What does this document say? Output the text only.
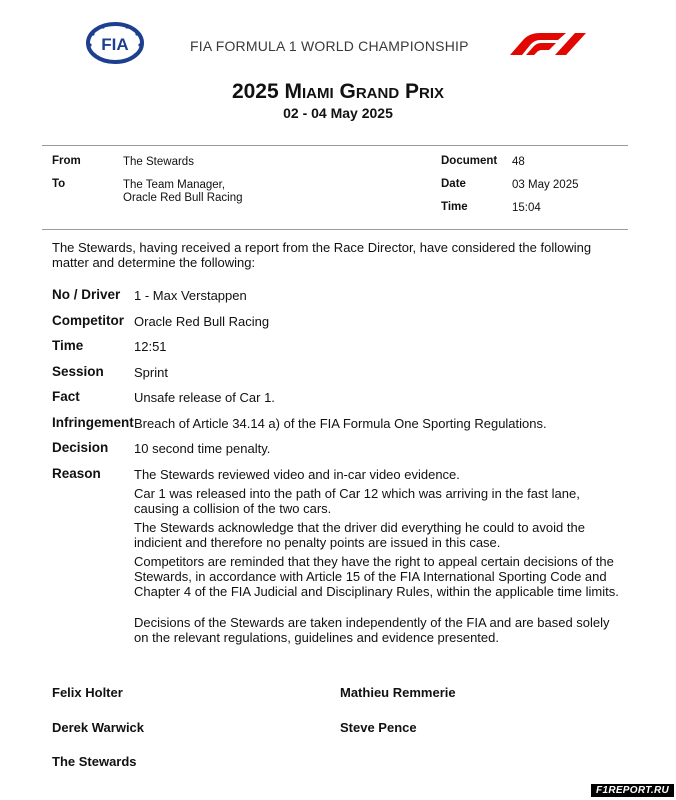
FIA	FIA FORMULA 1 WORLD CHAMPIONSHIP
2025 Miami Grand Prix
02 - 04 May 2025
From	The Stewards
To	The Team Manager,
Oracle Red Bull Racing
Document 48
Date	03 May 2025
Time	15:04
The Stewards, having received a report from the Race Director, have considered the following matter and determine the following:
No / Driver 1 - Max Verstappen
Competitor Oracle Red Bull Racing
Time	12:51
Session Sprint
Fact	Unsafe release of Car 1.
Infringement Breach of Article 34.14 a) of the FIA Formula One Sporting Regulations.
Decision 10 second time penalty.
Reason	The Stewards reviewed video and in-car video evidence.

Car 1 was released into the path of Car 12 which was arriving in the fast lane, causing a collision of the two cars.

The Stewards acknowledge that the driver did everything he could to avoid the indicient and therefore no penalty points are issued in this case.

Competitors are reminded that they have the right to appeal certain decisions of the Stewards, in accordance with Article 15 of the FIA International Sporting Code and Chapter 4 of the FIA Judicial and Disciplinary Rules, within the applicable time limits.

Decisions of the Stewards are taken independently of the FIA and are based solely on the relevant regulations, guidelines and evidence presented.

Felix Holter	Mathieu Remmerie
Derek Warwick	Steve Pence
The Stewards
F1REPORT.RU
